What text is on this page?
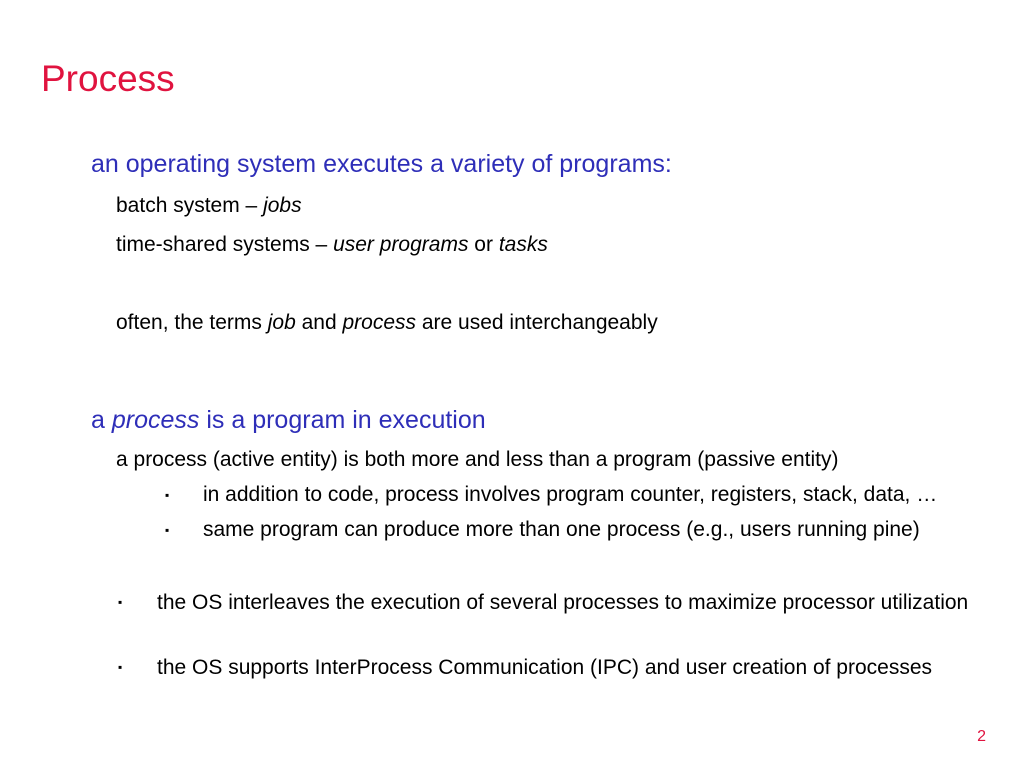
Process
an operating system executes a variety of programs:
batch system – jobs
time-shared systems – user programs or tasks
often, the terms job and process are used interchangeably
a process is a program in execution
a process (active entity) is both more and less than a program (passive entity)
▪ in addition to code, process involves program counter, registers, stack, data, …
▪ same program can produce more than one process (e.g., users running pine)
▪ the OS interleaves the execution of several processes to maximize processor utilization
▪ the OS supports InterProcess Communication (IPC) and user creation of processes
2
